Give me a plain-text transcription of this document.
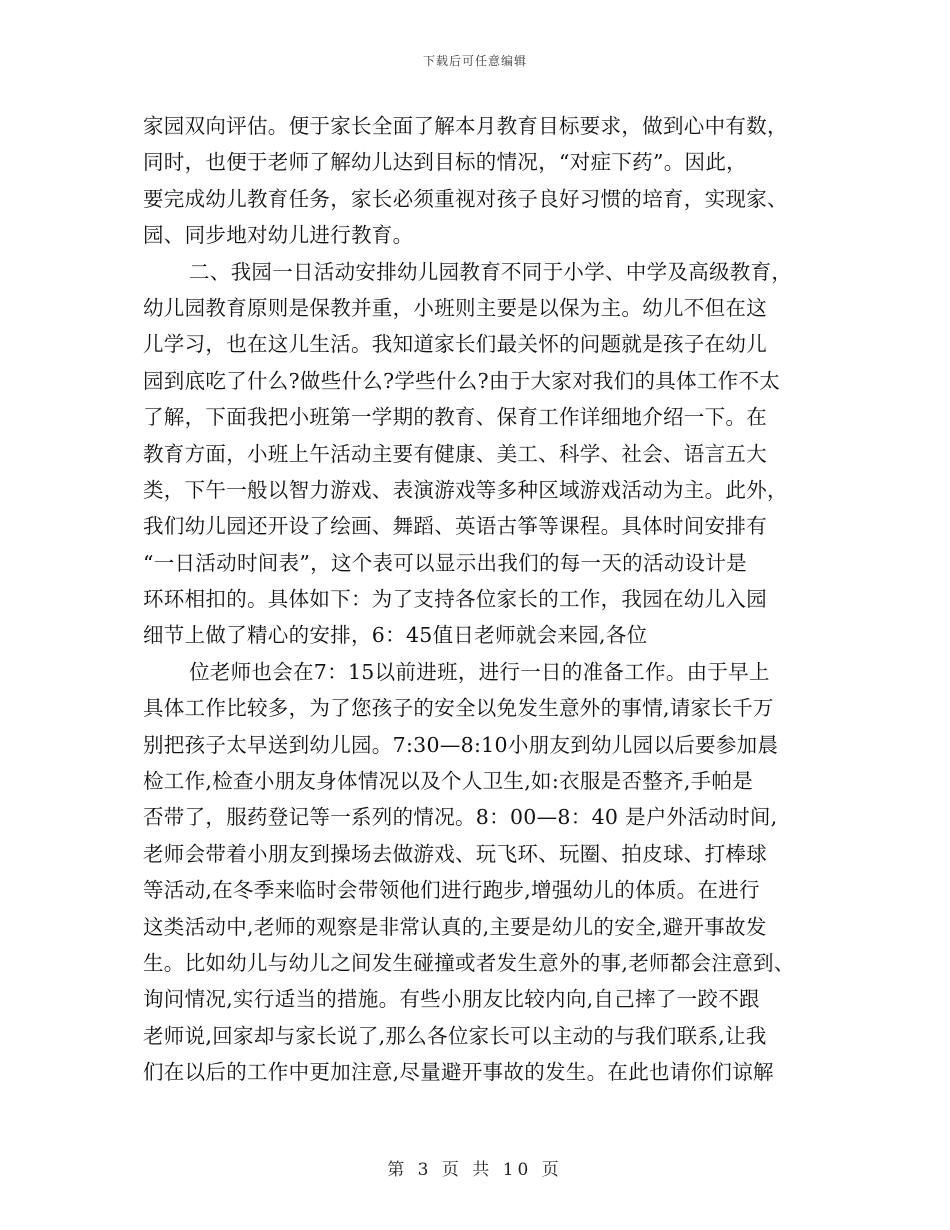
下载后可任意编辑
家园双向评估。便于家长全面了解本月教育目标要求，做到心中有数，
同时，也便于老师了解幼儿达到目标的情况，“对症下药”。因此，
要完成幼儿教育任务，家长必须重视对孩子良好习惯的培育，实现家、
园、同步地对幼儿进行教育。
二、我园一日活动安排幼儿园教育不同于小学、中学及高级教育，
幼儿园教育原则是保教并重，小班则主要是以保为主。幼儿不但在这
儿学习，也在这儿生活。我知道家长们最关怀的问题就是孩子在幼儿
园到底吃了什么?做些什么?学些什么?由于大家对我们的具体工作不太
了解，下面我把小班第一学期的教育、保育工作详细地介绍一下。在
教育方面，小班上午活动主要有健康、美工、科学、社会、语言五大
类，下午一般以智力游戏、表演游戏等多种区域游戏活动为主。此外，
我们幼儿园还开设了绘画、舞蹈、英语古筝等课程。具体时间安排有
“一日活动时间表”，这个表可以显示出我们的每一天的活动设计是
环环相扣的。具体如下：为了支持各位家长的工作，我园在幼儿入园
细节上做了精心的安排，6：45值日老师就会来园,各位
位老师也会在7：15以前进班，进行一日的准备工作。由于早上
具体工作比较多，为了您孩子的安全以免发生意外的事情,请家长千万
别把孩子太早送到幼儿园。7:30—8:10小朋友到幼儿园以后要参加晨
检工作,检查小朋友身体情况以及个人卫生,如:衣服是否整齐,手帕是
否带了，服药登记等一系列的情况。8：00—8：40 是户外活动时间,
老师会带着小朋友到操场去做游戏、玩飞环、玩圈、拍皮球、打棒球
等活动,在冬季来临时会带领他们进行跑步,增强幼儿的体质。在进行
这类活动中,老师的观察是非常认真的,主要是幼儿的安全,避开事故发
生。比如幼儿与幼儿之间发生碰撞或者发生意外的事,老师都会注意到、
询问情况,实行适当的措施。有些小朋友比较内向,自己摔了一跤不跟
老师说,回家却与家长说了,那么各位家长可以主动的与我们联系,让我
们在以后的工作中更加注意,尽量避开事故的发生。在此也请你们谅解
第 3 页 共 10 页
